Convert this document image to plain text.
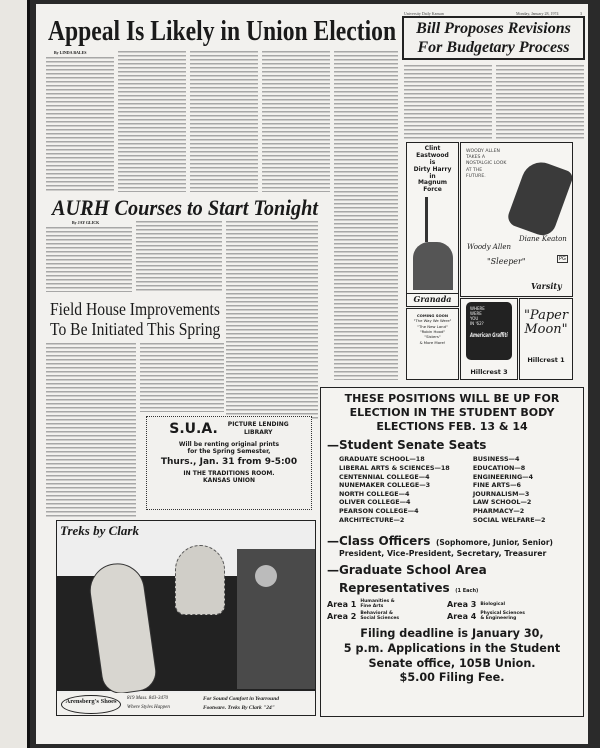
University Daily Kansan	Monday, January 28, 1974	3
Appeal Is Likely in Union Election
By LINDA BALES
Bill Proposes Revisions
For Budgetary Process
AURH Courses to Start Tonight
By JAY GLICK
Field House Improvements
To Be Initiated This Spring
S.U.A. PICTURE LENDING
LIBRARY
Will be renting original prints
for the Spring Semester,
Thurs., Jan. 31 from 9-5:00
IN THE TRADITIONS ROOM.
KANSAS UNION
Treks by Clark
Arensberg's Shoes	819 Mass. 843-3470
Where Styles Happen
For Sound Comfort in Yearround
Footware. Treks By Clark "24"
Clint
Eastwood
is
Dirty Harry
in
Magnum
Force
Granada
COMING SOON
"The Way We Were"
"The New Land"
"Robin Hood"
"Sisters"
& More More!
WOODY ALLEN
TAKES A
NOSTALGIC LOOK
AT THE
FUTURE.
Woody Allen
Diane Keaton
"Sleeper"	PG
Varsity
WHERE
WERE
YOU
IN '62?
American Graffiti
Hillcrest 3
"Paper
Moon"
Hillcrest 1
THESE POSITIONS WILL BE UP FOR
ELECTION IN THE STUDENT BODY
ELECTIONS FEB. 13 & 14
—Student Senate Seats
GRADUATE SCHOOL—18
LIBERAL ARTS & SCIENCES—18
CENTENNIAL COLLEGE—4
NUNEMAKER COLLEGE—3
NORTH COLLEGE—4
OLIVER COLLEGE—4
PEARSON COLLEGE—4
ARCHITECTURE—2
BUSINESS—4
EDUCATION—8
ENGINEERING—4
FINE ARTS—6
JOURNALISM—3
LAW SCHOOL—2
PHARMACY—2
SOCIAL WELFARE—2
—Class Officers (Sophomore, Junior, Senior)
President, Vice-President, Secretary, Treasurer
—Graduate School Area
Representatives (1 Each)
Area 1 Humanities & Fine Arts	Area 3 Biological
Area 2 Behavioral & Social Sciences	Area 4 Physical Sciences & Engineering
Filing deadline is January 30,
5 p.m. Applications in the Student
Senate office, 105B Union.
$5.00 Filing Fee.
